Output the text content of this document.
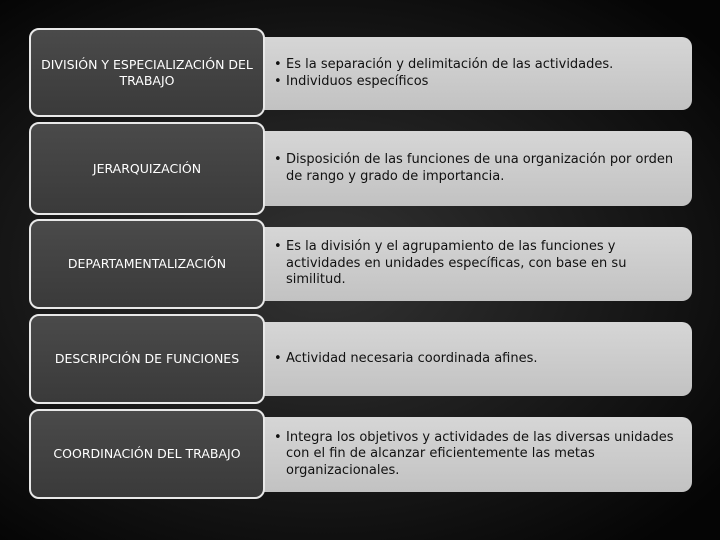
DIVISIÓN Y ESPECIALIZACIÓN DEL TRABAJO
• Es la separación y delimitación de las actividades.
• Individuos específicos
JERARQUIZACIÓN
• Disposición de las funciones de una organización por orden de rango y grado de importancia.
DEPARTAMENTALIZACIÓN
• Es la división y el agrupamiento de las funciones y actividades en unidades específicas, con base en su similitud.
DESCRIPCIÓN DE FUNCIONES
•	Actividad necesaria coordinada afines.
COORDINACIÓN DEL TRABAJO
• Integra los objetivos y actividades de las diversas unidades con el fin de alcanzar eficientemente las metas organizacionales.
